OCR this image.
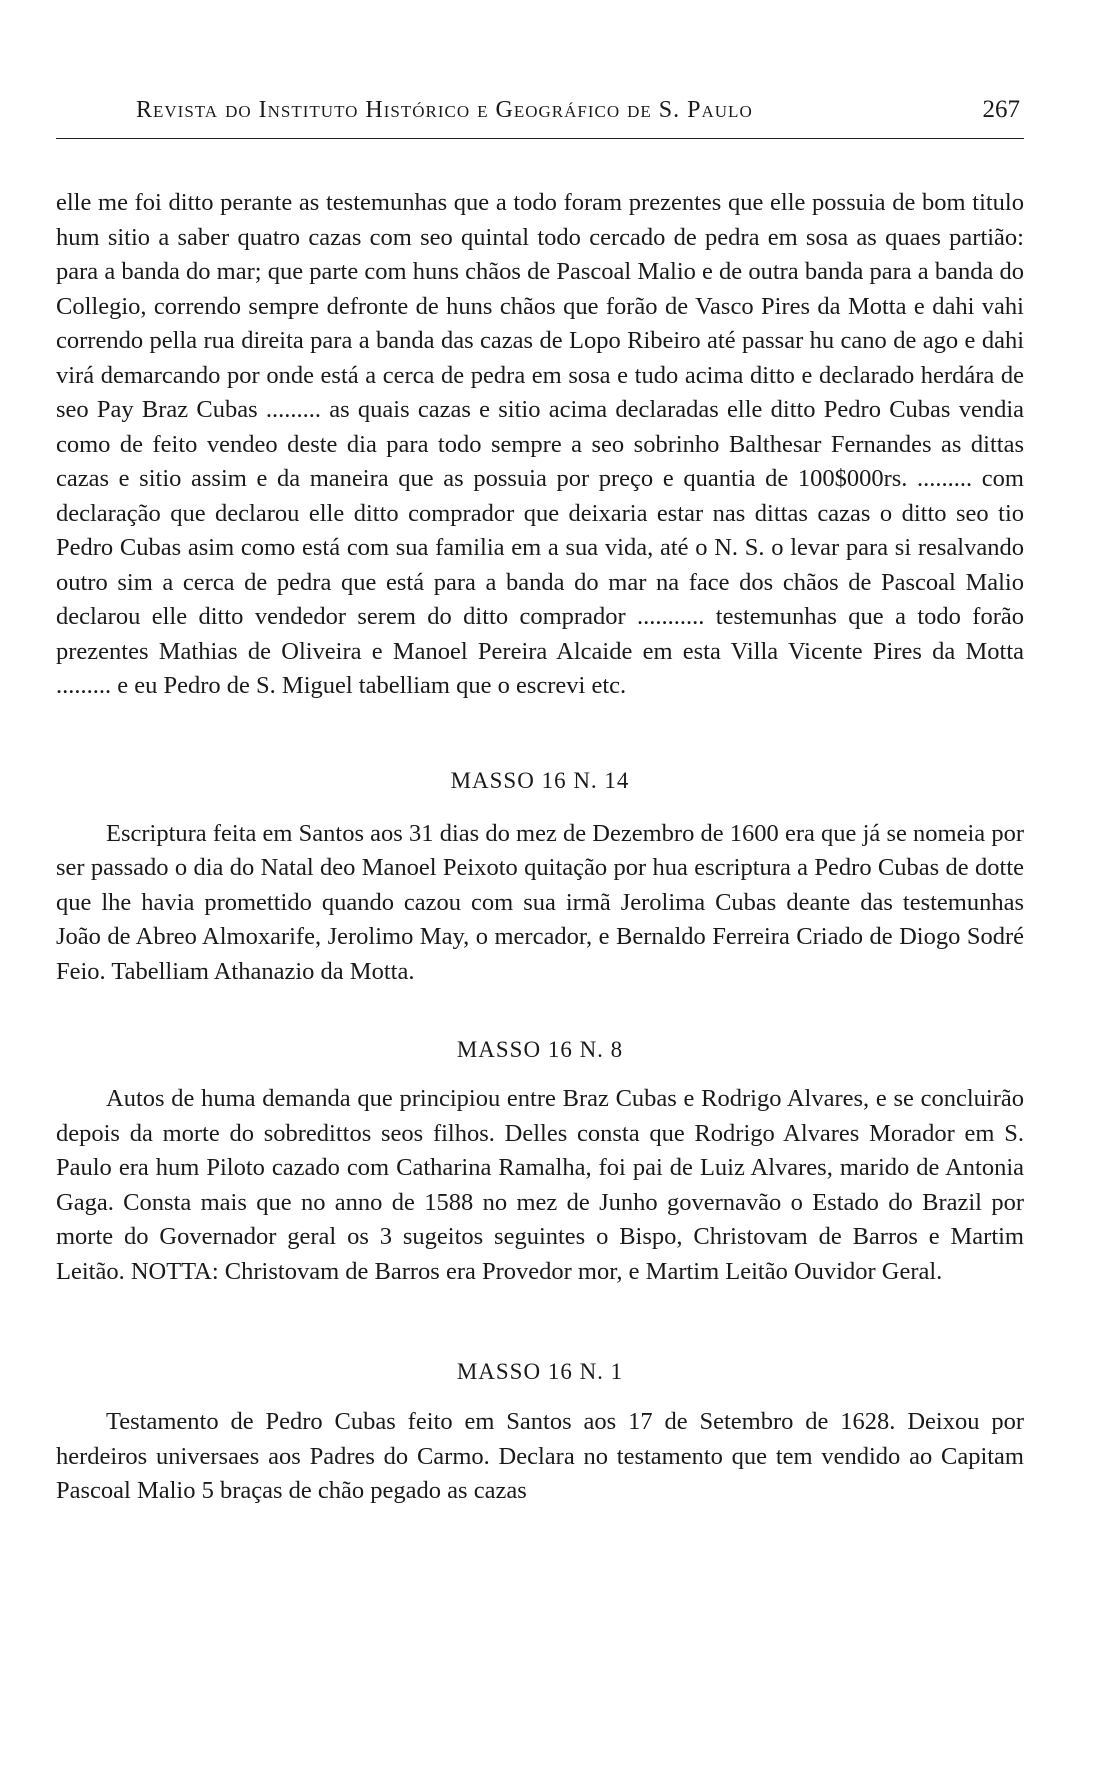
Revista do Instituto Histórico e Geográfico de S. Paulo	267

elle me foi ditto perante as testemunhas que a todo foram prezentes que elle possuia de bom titulo hum sitio a saber quatro cazas com seo quintal todo cercado de pedra em sosa as quaes partião: para a banda do mar; que parte com huns chãos de Pascoal Malio e de outra banda para a banda do Collegio, correndo sempre defronte de huns chãos que forão de Vasco Pires da Motta e dahi vahi correndo pella rua direita para a banda das cazas de Lopo Ribeiro até passar hu cano de ago e dahi virá demarcando por onde está a cerca de pedra em sosa e tudo acima ditto e declarado herdára de seo Pay Braz Cubas ......... as quais cazas e sitio acima declaradas elle ditto Pedro Cubas vendia como de feito vendeo deste dia para todo sempre a seo sobrinho Balthesar Fernandes as dittas cazas e sitio assim e da maneira que as possuia por preço e quantia de 100$000rs. ......... com declaração que declarou elle ditto comprador que deixaria estar nas dittas cazas o ditto seo tio Pedro Cubas asim como está com sua familia em a sua vida, até o N. S. o levar para si resalvando outro sim a cerca de pedra que está para a banda do mar na face dos chãos de Pascoal Malio declarou elle ditto vendedor serem do ditto comprador ........... testemunhas que a todo forão prezentes Mathias de Oliveira e Manoel Pereira Alcaide em esta Villa Vicente Pires da Motta ......... e eu Pedro de S. Miguel tabelliam que o escrevi etc.

MASSO 16 N. 14

Escriptura feita em Santos aos 31 dias do mez de Dezembro de 1600 era que já se nomeia por ser passado o dia do Natal deo Manoel Peixoto quitação por hua escriptura a Pedro Cubas de dotte que lhe havia promettido quando cazou com sua irmã Jerolima Cubas deante das testemunhas João de Abreo Almoxarife, Jerolimo May, o mercador, e Bernaldo Ferreira Criado de Diogo Sodré Feio. Tabelliam Athanazio da Motta.

MASSO 16 N. 8

Autos de huma demanda que principiou entre Braz Cubas e Rodrigo Alvares, e se concluirão depois da morte do sobredittos seos filhos. Delles consta que Rodrigo Alvares Morador em S. Paulo era hum Piloto cazado com Catharina Ramalha, foi pai de Luiz Alvares, marido de Antonia Gaga. Consta mais que no anno de 1588 no mez de Junho governavão o Estado do Brazil por morte do Governador geral os 3 sugeitos seguintes o Bispo, Christovam de Barros e Martim Leitão. NOTTA: Christovam de Barros era Provedor mor, e Martim Leitão Ouvidor Geral.

MASSO 16 N. 1

Testamento de Pedro Cubas feito em Santos aos 17 de Setembro de 1628. Deixou por herdeiros universaes aos Padres do Carmo. Declara no testamento que tem vendido ao Capitam Pascoal Malio 5 braças de chão pegado as cazas
